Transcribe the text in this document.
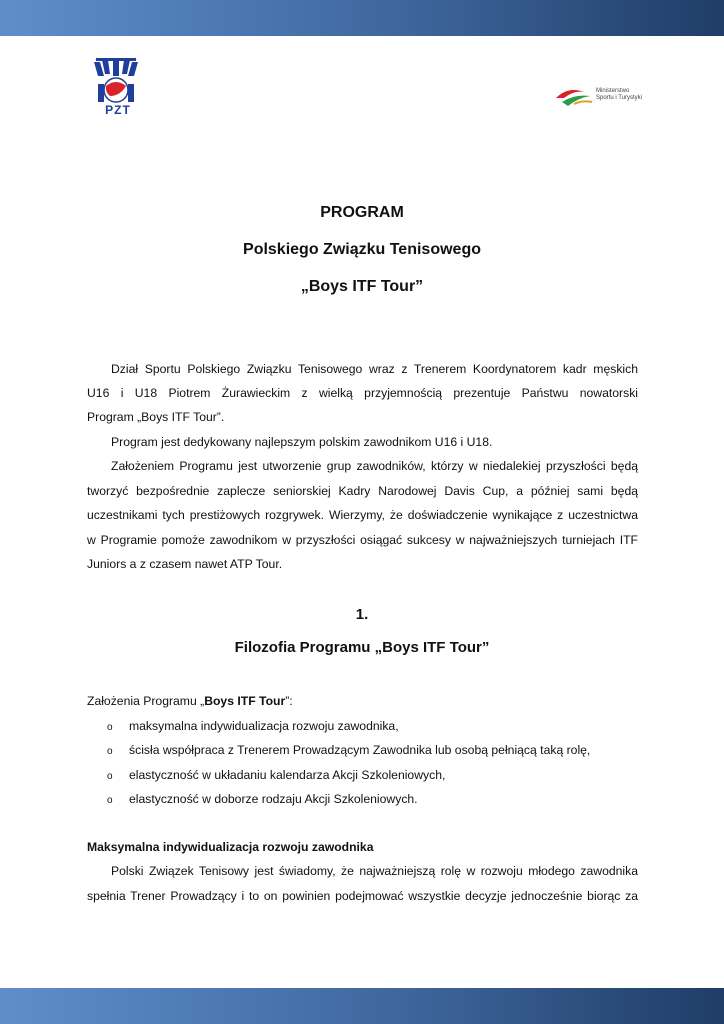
PZT
Ministerstwo
Sportu i Turystyki
PROGRAM
Polskiego Związku Tenisowego
„Boys ITF Tour”
Dział Sportu Polskiego Związku Tenisowego wraz z Trenerem Koordynatorem kadr męskich
U16 i U18 Piotrem Żurawieckim z wielką przyjemnością prezentuje Państwu nowatorski
Program „Boys ITF Tour”.
Program jest dedykowany najlepszym polskim zawodnikom U16 i U18.
Założeniem Programu jest utworzenie grup zawodników, którzy w niedalekiej przyszłości będą
tworzyć bezpośrednie zaplecze seniorskiej Kadry Narodowej Davis Cup, a później sami będą
uczestnikami tych prestiżowych rozgrywek. Wierzymy, że doświadczenie wynikające z uczestnictwa
w Programie pomoże zawodnikom w przyszłości osiągać sukcesy w najważniejszych turniejach ITF
Juniors a z czasem nawet ATP Tour.
1.
Filozofia Programu „Boys ITF Tour”
Założenia Programu „Boys ITF Tour”:
o maksymalna indywidualizacja rozwoju zawodnika,
o ścisła współpraca z Trenerem Prowadzącym Zawodnika lub osobą pełniącą taką rolę,
o elastyczność w układaniu kalendarza Akcji Szkoleniowych,
o elastyczność w doborze rodzaju Akcji Szkoleniowych.
Maksymalna indywidualizacja rozwoju zawodnika
Polski Związek Tenisowy jest świadomy, że najważniejszą rolę w rozwoju młodego zawodnika
spełnia Trener Prowadzący i to on powinien podejmować wszystkie decyzje jednocześnie biorąc za
